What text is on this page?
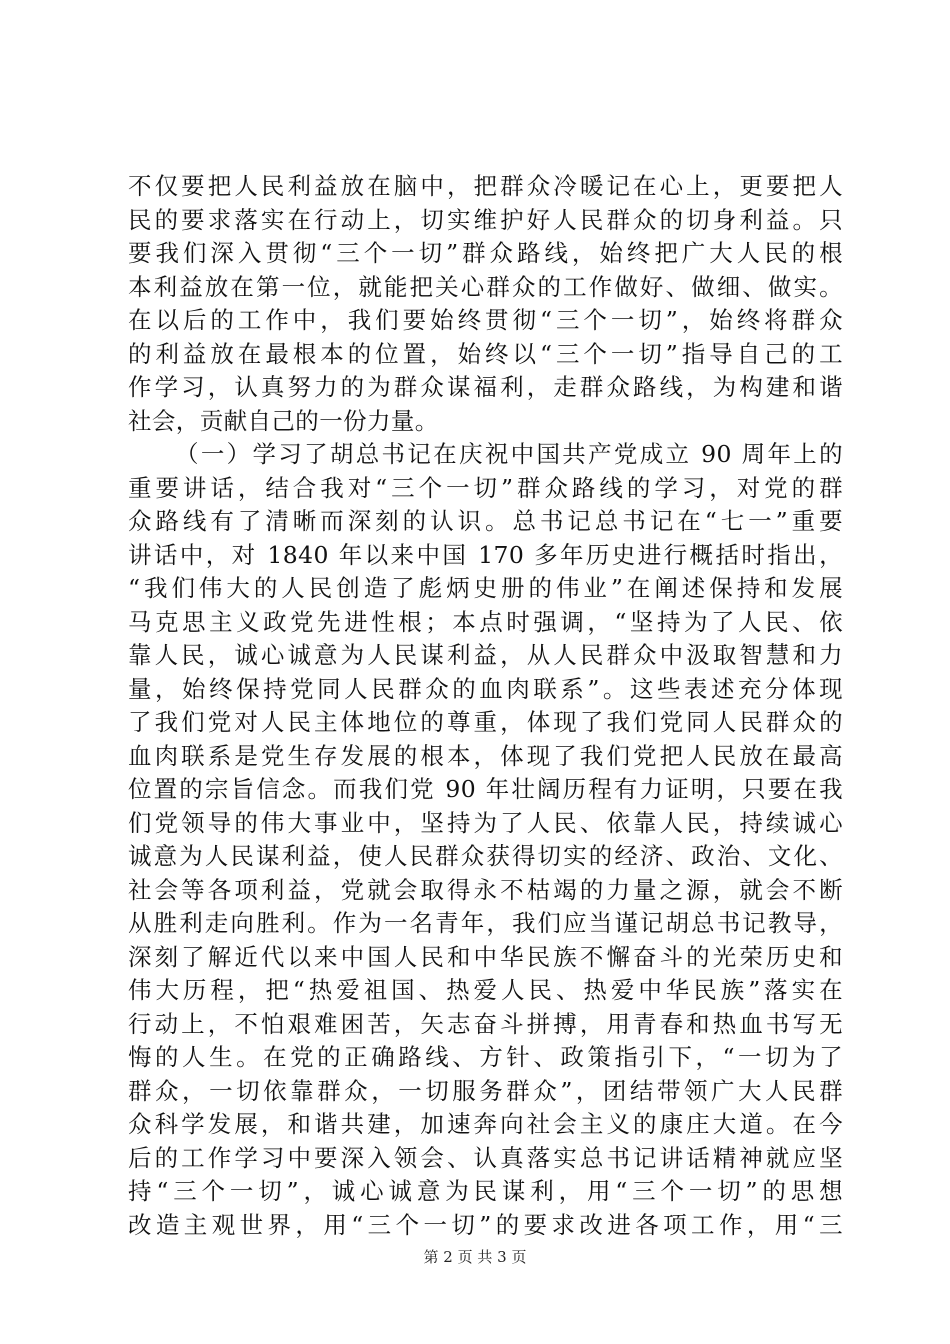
不仅要把人民利益放在脑中，把群众冷暖记在心上，更要把人
民的要求落实在行动上，切实维护好人民群众的切身利益。只
要我们深入贯彻“三个一切”群众路线，始终把广大人民的根
本利益放在第一位，就能把关心群众的工作做好、做细、做实。
在以后的工作中，我们要始终贯彻“三个一切”，始终将群众
的利益放在最根本的位置，始终以“三个一切”指导自己的工
作学习，认真努力的为群众谋福利，走群众路线，为构建和谐
社会，贡献自己的一份力量。
（一）学习了胡总书记在庆祝中国共产党成立 90 周年上的
重要讲话，结合我对“三个一切”群众路线的学习，对党的群
众路线有了清晰而深刻的认识。总书记总书记在“七一”重要
讲话中，对 1840 年以来中国 170 多年历史进行概括时指出，
“我们伟大的人民创造了彪炳史册的伟业”在阐述保持和发展
马克思主义政党先进性根；本点时强调，“坚持为了人民、依
靠人民，诚心诚意为人民谋利益，从人民群众中汲取智慧和力
量，始终保持党同人民群众的血肉联系”。这些表述充分体现
了我们党对人民主体地位的尊重，体现了我们党同人民群众的
血肉联系是党生存发展的根本，体现了我们党把人民放在最高
位置的宗旨信念。而我们党 90 年壮阔历程有力证明，只要在我
们党领导的伟大事业中，坚持为了人民、依靠人民，持续诚心
诚意为人民谋利益，使人民群众获得切实的经济、政治、文化、
社会等各项利益，党就会取得永不枯竭的力量之源，就会不断
从胜利走向胜利。作为一名青年，我们应当谨记胡总书记教导，
深刻了解近代以来中国人民和中华民族不懈奋斗的光荣历史和
伟大历程，把“热爱祖国、热爱人民、热爱中华民族”落实在
行动上，不怕艰难困苦，矢志奋斗拼搏，用青春和热血书写无
悔的人生。在党的正确路线、方针、政策指引下，“一切为了
群众，一切依靠群众，一切服务群众”，团结带领广大人民群
众科学发展，和谐共建，加速奔向社会主义的康庄大道。在今
后的工作学习中要深入领会、认真落实总书记讲话精神就应坚
持“三个一切”，诚心诚意为民谋利，用“三个一切”的思想
改造主观世界，用“三个一切”的要求改进各项工作，用“三
第 2 页 共 3 页
